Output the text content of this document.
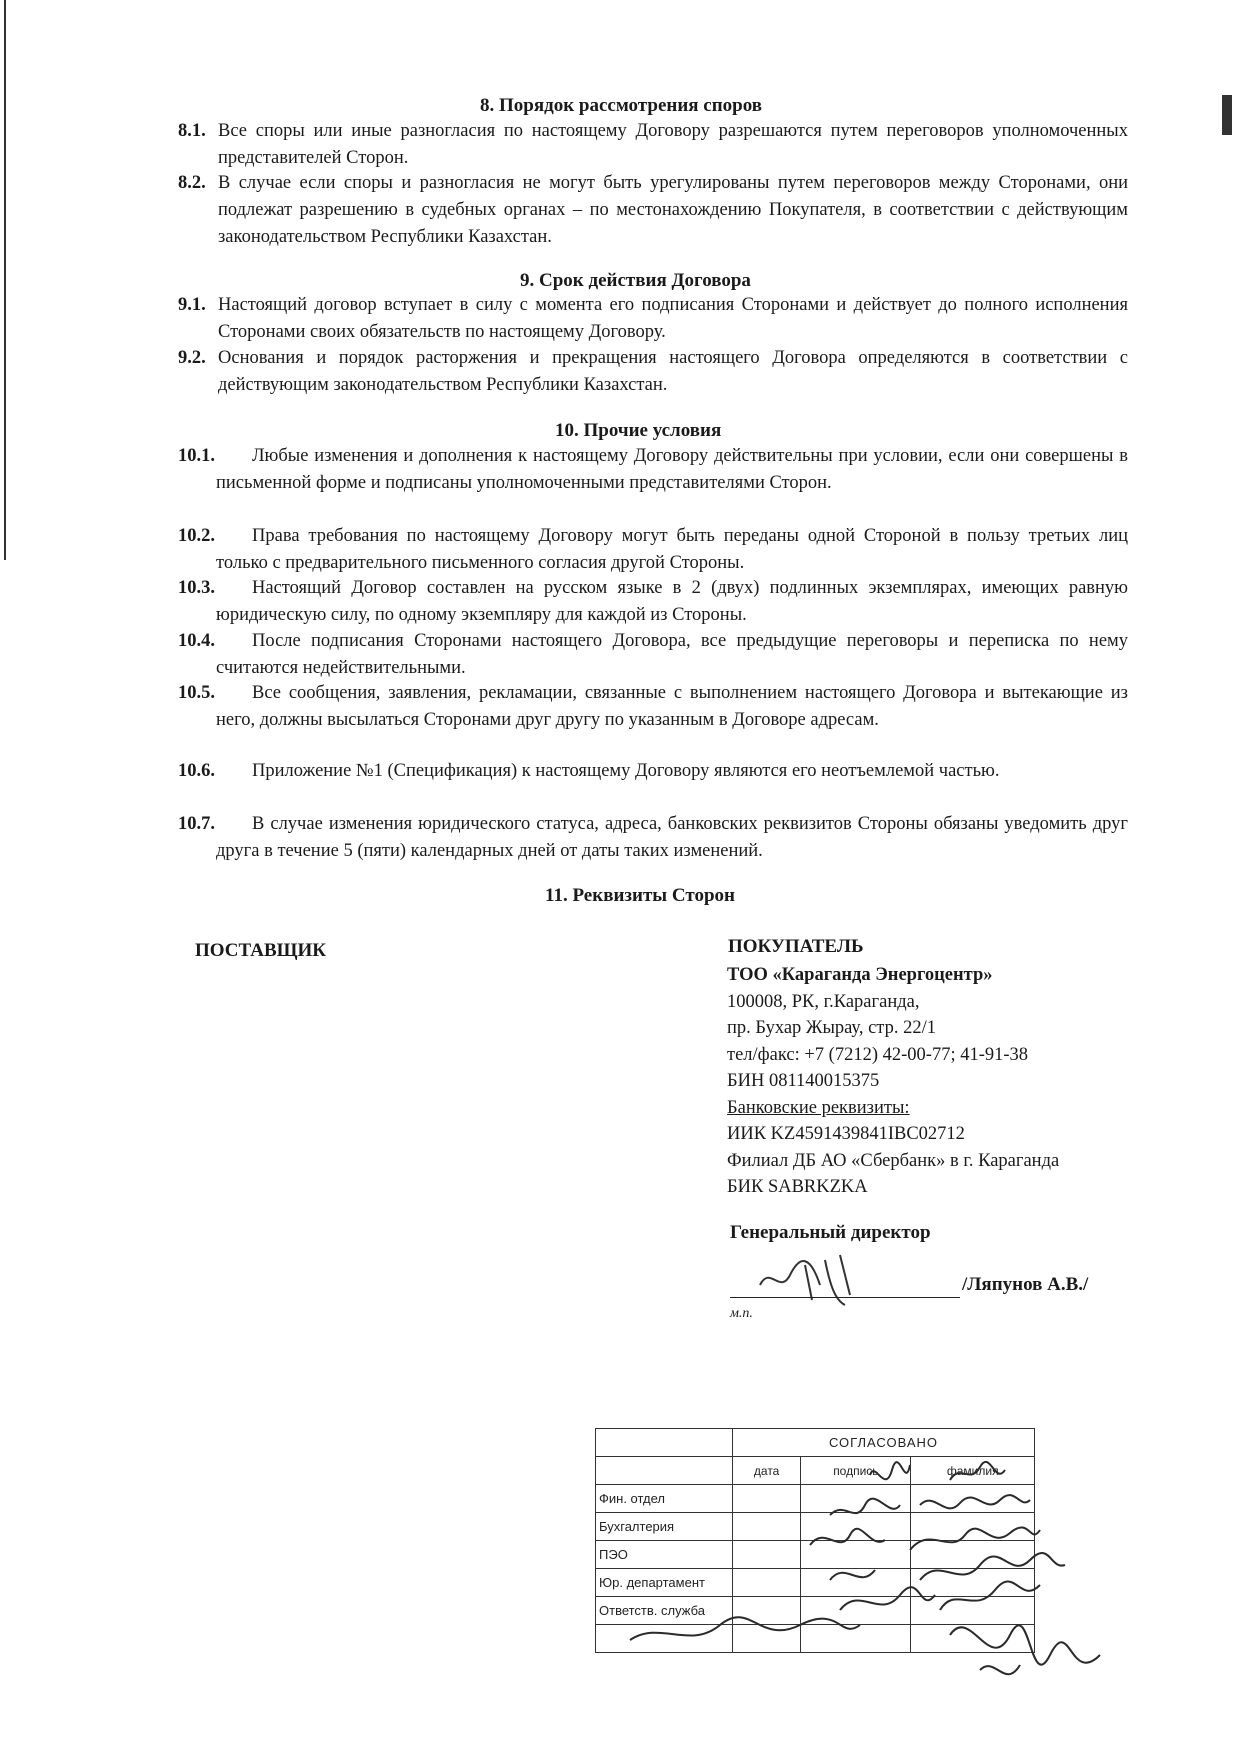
8. Порядок рассмотрения споров
8.1. Все споры или иные разногласия по настоящему Договору разрешаются путем переговоров уполномоченных представителей Сторон.
8.2. В случае если споры и разногласия не могут быть урегулированы путем переговоров между Сторонами, они подлежат разрешению в судебных органах – по местонахождению Покупателя, в соответствии с действующим законодательством Республики Казахстан.
9. Срок действия Договора
9.1. Настоящий договор вступает в силу с момента его подписания Сторонами и действует до полного исполнения Сторонами своих обязательств по настоящему Договору.
9.2. Основания и порядок расторжения и прекращения настоящего Договора определяются в соответствии с действующим законодательством Республики Казахстан.
10. Прочие условия
10.1.	Любые изменения и дополнения к настоящему Договору действительны при условии, если они совершены в письменной форме и подписаны уполномоченными представителями Сторон.
10.2.	Права требования по настоящему Договору могут быть переданы одной Стороной в пользу третьих лиц только с предварительного письменного согласия другой Стороны.
10.3.	Настоящий Договор составлен на русском языке в 2 (двух) подлинных экземплярах, имеющих равную юридическую силу, по одному экземпляру для каждой из Стороны.
10.4.	После подписания Сторонами настоящего Договора, все предыдущие переговоры и переписка по нему считаются недействительными.
10.5.	Все сообщения, заявления, рекламации, связанные с выполнением настоящего Договора и вытекающие из него, должны высылаться Сторонами друг другу по указанным в Договоре адресам.
10.6.	Приложение №1 (Спецификация) к настоящему Договору являются его неотъемлемой частью.
10.7.	В случае изменения юридического статуса, адреса, банковских реквизитов Стороны обязаны уведомить друг друга в течение 5 (пяти) календарных дней от даты таких изменений.
11. Реквизиты Сторон
ПОСТАВЩИК	ПОКУПАТЕЛЬ
ТОО «Караганда Энергоцентр»
100008, РК, г.Караганда,
пр. Бухар Жырау, стр. 22/1
тел/факс: +7 (7212) 42-00-77; 41-91-38
БИН 081140015375
Банковские реквизиты:
ИИК KZ4591439841IBC02712
Филиал ДБ АО «Сбербанк» в г. Караганда
БИК SABRKZKA
Генеральный директор
/Ляпунов А.В./
м.п.
	СОГЛАСОВАНО		
	дата	подпись	фамилия
Фин. отдел			
Бухгалтерия			
ПЭО			
Юр. департамент			
Ответств. служба			
